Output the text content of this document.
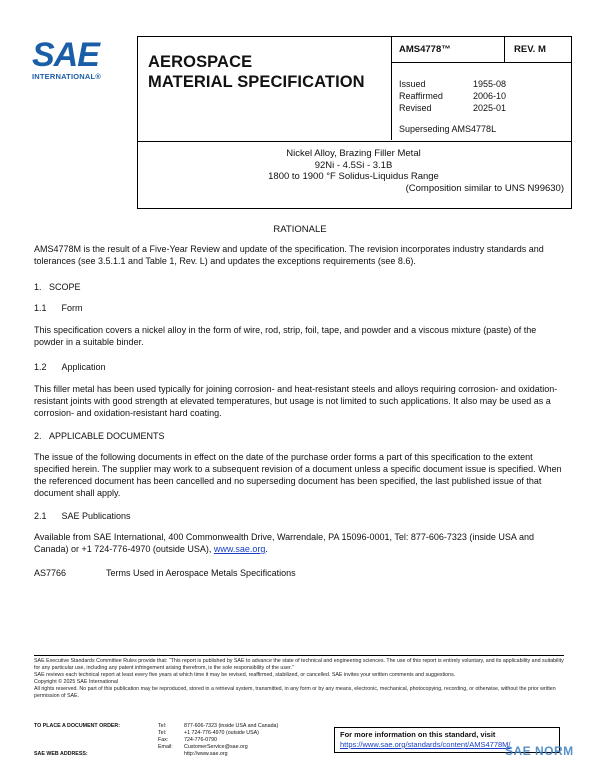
SAE
INTERNATIONAL®
AEROSPACE
MATERIAL SPECIFICATION
AMS4778™	REV. M
Issued	1955-08
Reaffirmed	2006-10
Revised	2025-01
Superseding AMS4778L
Nickel Alloy, Brazing Filler Metal
92Ni - 4.5Si - 3.1B
1800 to 1900 °F Solidus-Liquidus Range
(Composition similar to UNS N99630)
RATIONALE

AMS4778M is the result of a Five-Year Review and update of the specification. The revision incorporates industry standards and tolerances (see 3.5.1.1 and Table 1, Rev. L) and updates the exceptions requirements (see 8.6).

1.   SCOPE
1.1      Form

This specification covers a nickel alloy in the form of wire, rod, strip, foil, tape, and powder and a viscous mixture (paste) of the powder in a suitable binder.

1.2      Application

This filler metal has been used typically for joining corrosion- and heat-resistant steels and alloys requiring corrosion- and oxidation-resistant joints with good strength at elevated temperatures, but usage is not limited to such applications. It also may be used as a corrosion- and oxidation-resistant hard coating.

2.   APPLICABLE DOCUMENTS

The issue of the following documents in effect on the date of the purchase order forms a part of this specification to the extent specified herein. The supplier may work to a subsequent revision of a document unless a specific document issue is specified. When the referenced document has been cancelled and no superseding document has been specified, the last published issue of that document shall apply.

2.1      SAE Publications

Available from SAE International, 400 Commonwealth Drive, Warrendale, PA 15096-0001, Tel: 877-606-7323 (inside USA and Canada) or +1 724-776-4970 (outside USA), www.sae.org.

AS7766	Terms Used in Aerospace Metals Specifications
SAE Executive Standards Committee Rules provide that: “This report is published by SAE to advance the state of technical and engineering sciences. The use of this report is entirely voluntary, and its applicability and suitability for any particular use, including any patent infringement arising therefrom, is the sole responsibility of the user.”
SAE reviews each technical report at least every five years at which time it may be revised, reaffirmed, stabilized, or cancelled. SAE invites your written comments and suggestions.
Copyright © 2025 SAE International
All rights reserved. No part of this publication may be reproduced, stored in a retrieval system, transmitted, in any form or by any means, electronic, mechanical, photocopying, recording, or otherwise, without the prior written permission of SAE.
TO PLACE A DOCUMENT ORDER:	Tel:	877-606-7323 (inside USA and Canada)
Tel:	+1 724-776-4970 (outside USA)
Fax:	724-776-0790
Email:	CustomerService@sae.org
SAE WEB ADDRESS:	http://www.sae.org
For more information on this standard, visit
https://www.sae.org/standards/content/AMS4778M/
SAE NORM
